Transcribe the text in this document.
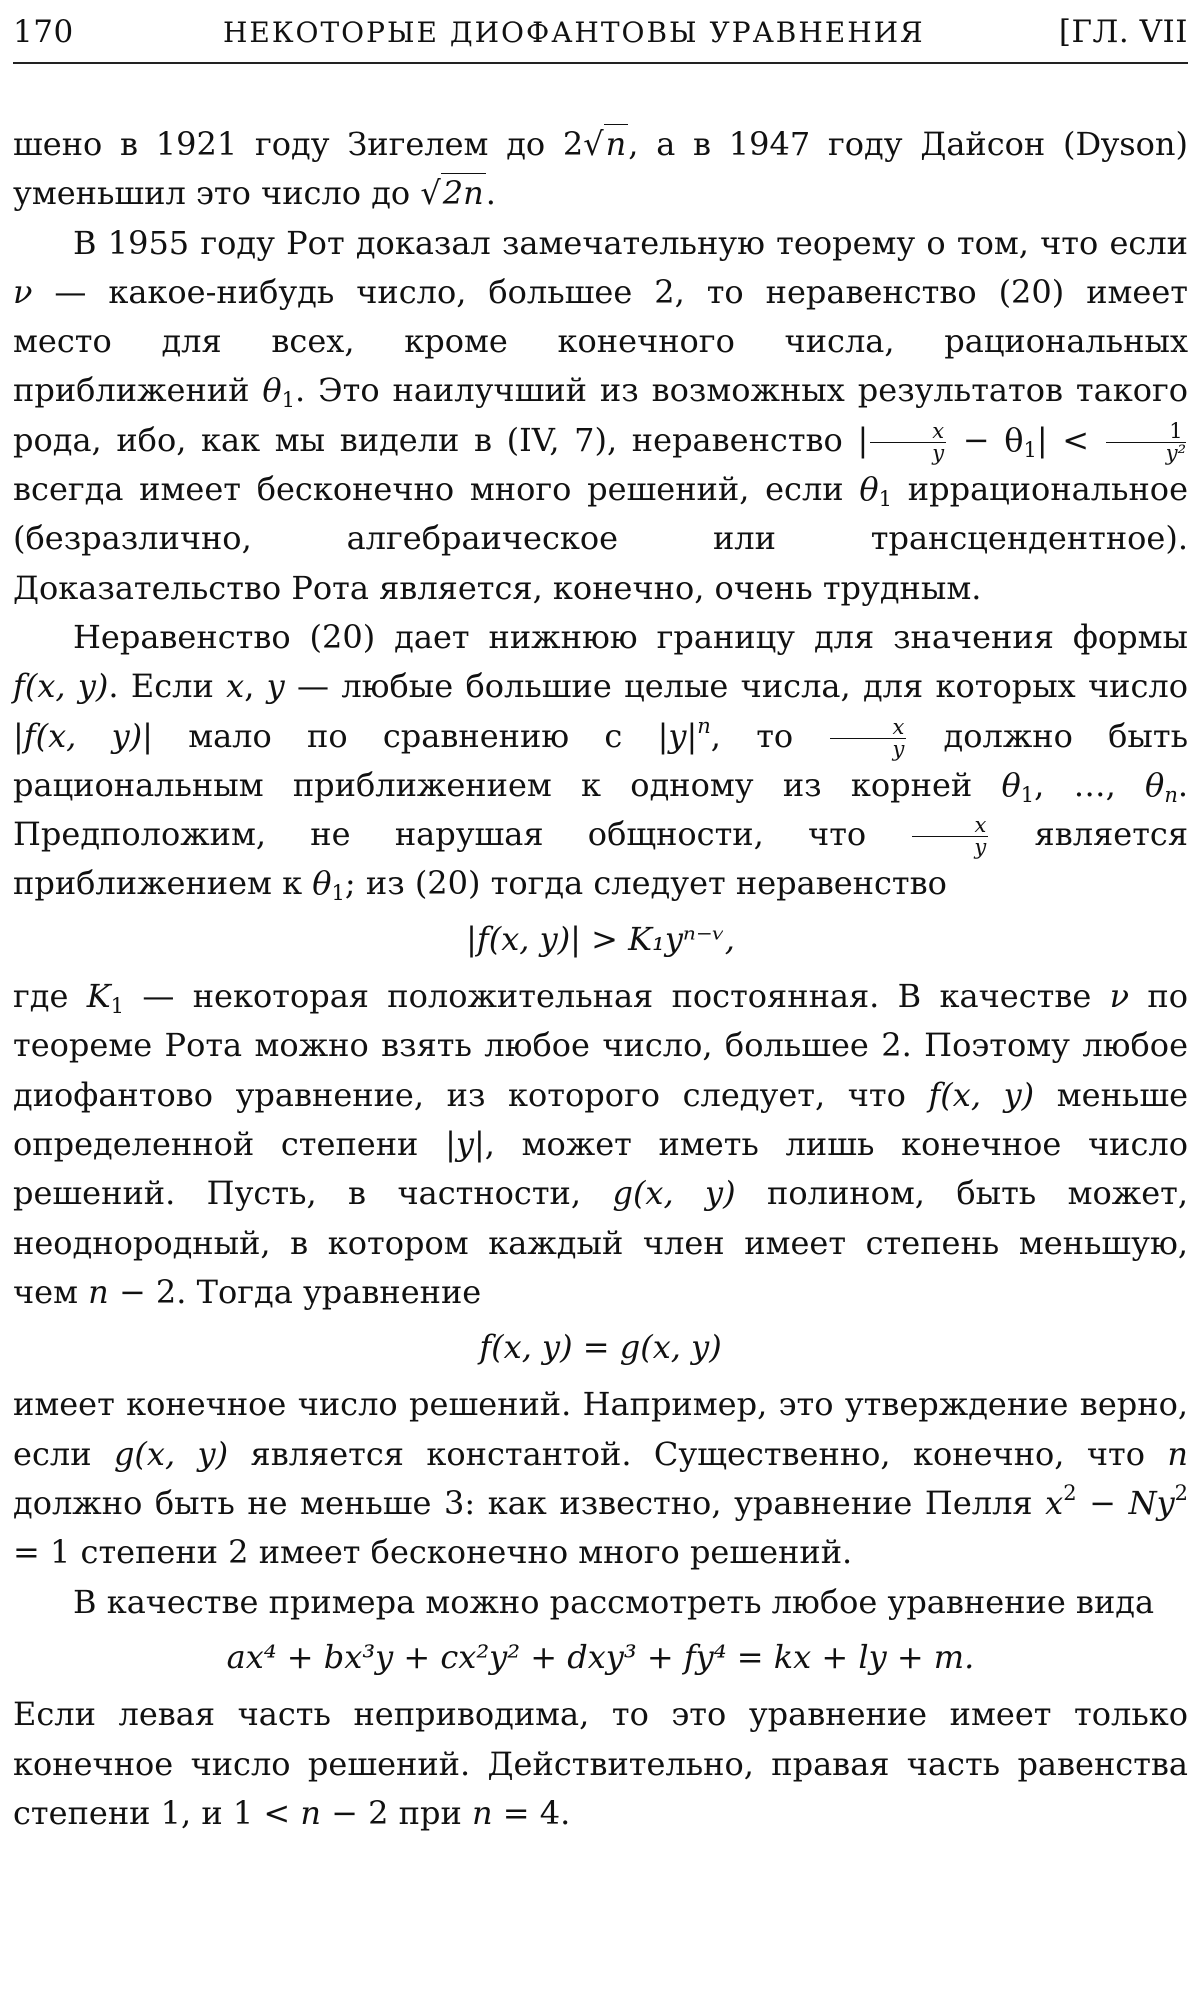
170	НЕКОТОРЫЕ ДИОФАНТОВЫ УРАВНЕНИЯ	[ГЛ. VII

шено в 1921 году Зигелем до 2√n, а в 1947 году Дайсон (Dyson) уменьшил это число до √2n.

В 1955 году Рот доказал замечательную теорему о том, что если ν — какое-нибудь число, большее 2, то неравенство (20) имеет место для всех, кроме конечного числа, рациональных приближений $\theta_1$. Это наилучший из возможных результатов такого рода, ибо, как мы видели в (IV, 7), неравенство | $\frac{x}{y} - \theta_1| < \frac{1}{\text{y²}}$
всегда имеет бесконечно много решений, если $\theta_1$ иррациональное (безразлично, алгебраическое или трансцендентное). Доказательство Рота является, конечно, очень трудным.

Неравенство (20) дает нижнюю границу для значения формы f(x, y). Если x, y — любые большие целые числа, для которых число |f(x, y)| мало по сравнению с $|y|^n$, то $\frac{x}{y}$ должно быть рациональным приближением к одному из корней $\theta_1$, …, $\theta_n$. Предположим, не нарушая общности, что $\frac{x}{y}$ является приближением к $\theta_1$; из (20) тогда следует неравенство

|f(x, y)| > K₁yⁿ⁻ᵛ,

где $K_1$ — некоторая положительная постоянная. В качестве ν по теореме Рота можно взять любое число, большее 2. Поэтому любое диофантово уравнение, из которого следует, что f(x, y) меньше определенной степени |y|, может иметь лишь конечное число решений. Пусть, в частности, g(x, y) полином, быть может, неоднородный, в котором каждый член имеет степень меньшую, чем n − 2. Тогда уравнение

f(x, y) = g(x, y)

имеет конечное число решений. Например, это утверждение верно, если g(x, y) является константой. Существенно, конечно, что n должно быть не меньше 3: как известно, уравнение Пелля $x^2 - Ny^2 = 1$ степени 2 имеет бесконечно много решений.

В качестве примера можно рассмотреть любое уравнение вида

ax⁴ + bx³y + cx²y² + dxy³ + fy⁴ = kx + ly + m.

Если левая часть неприводима, то это уравнение имеет только конечное число решений. Действительно, правая часть равенства степени 1, и 1 < n − 2 при n = 4.
